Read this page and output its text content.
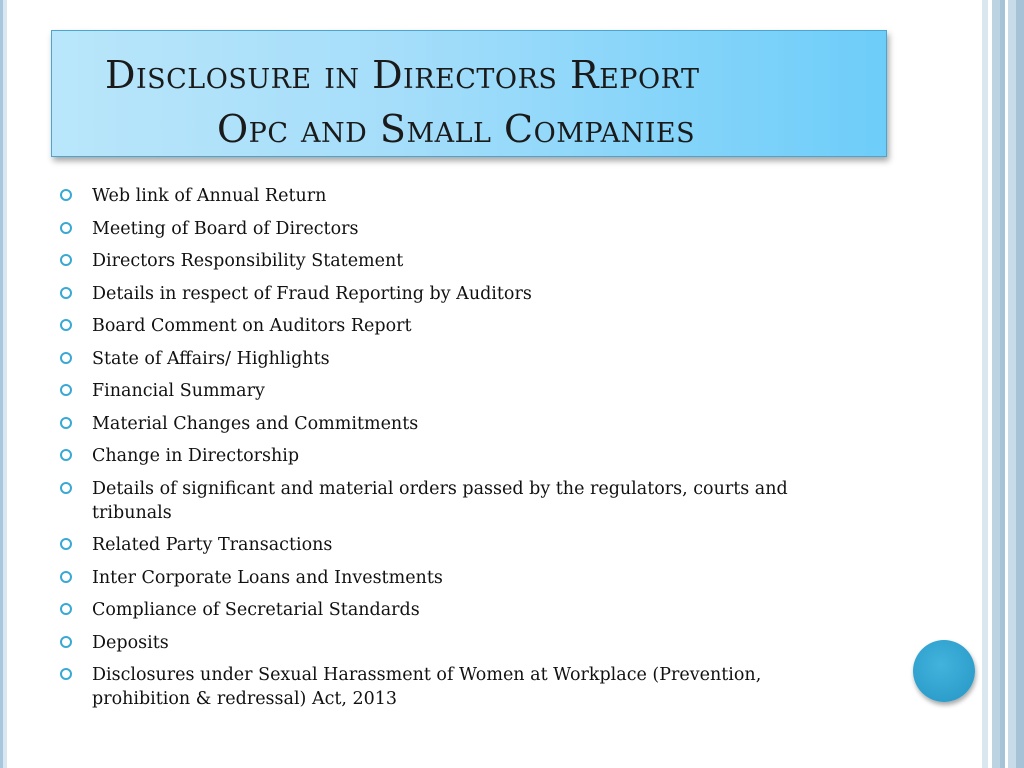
Disclosure in Directors Report
Opc and Small Companies
Web link of Annual Return
Meeting of Board of Directors
Directors Responsibility Statement
Details in respect of Fraud Reporting by Auditors
Board Comment on Auditors Report
State of Affairs/ Highlights
Financial Summary
Material Changes and Commitments
Change in Directorship
Details of significant and material orders passed by the regulators, courts and tribunals
Related Party Transactions
Inter Corporate Loans and Investments
Compliance of Secretarial Standards
Deposits
Disclosures under Sexual Harassment of Women at Workplace (Prevention, prohibition & redressal) Act, 2013
